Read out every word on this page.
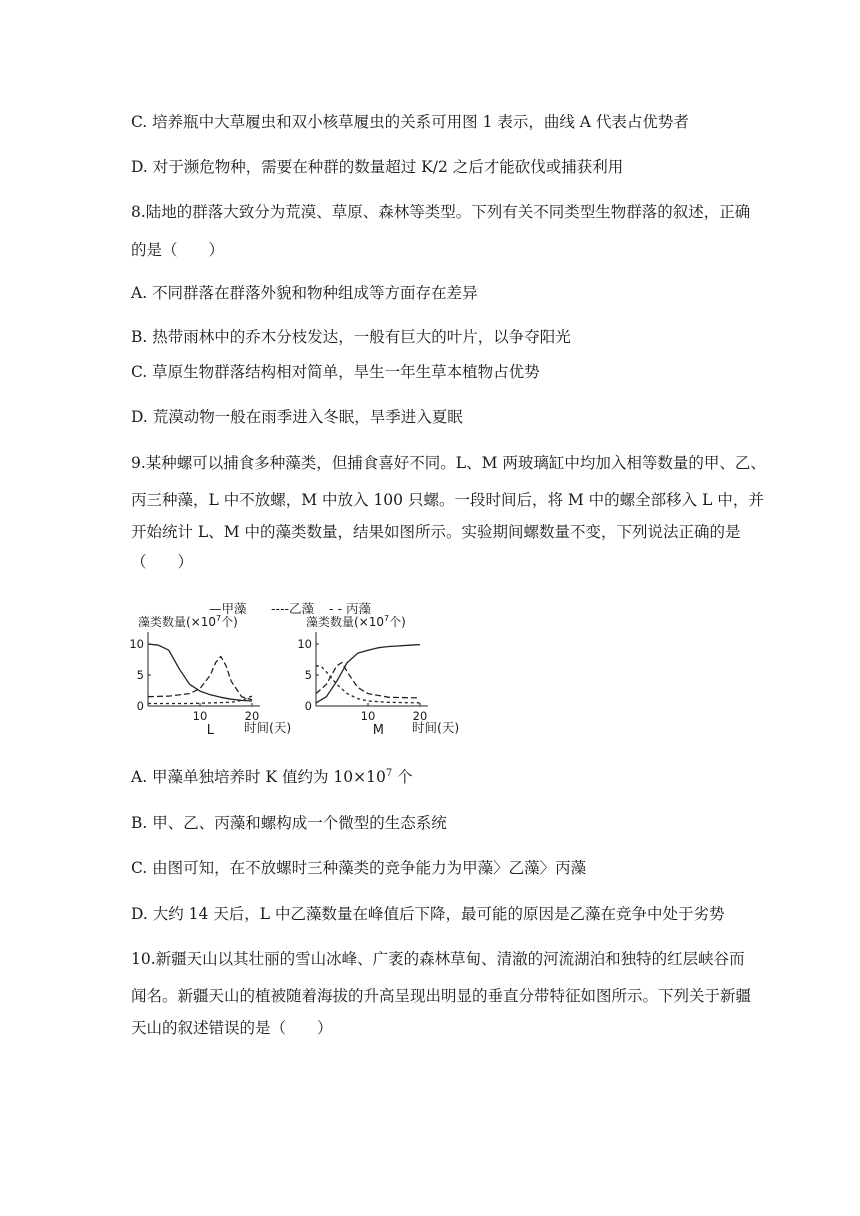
C. 培养瓶中大草履虫和双小核草履虫的关系可用图 1 表示，曲线 A 代表占优势者
D. 对于濒危物种，需要在种群的数量超过 K/2 之后才能砍伐或捕获利用
8.陆地的群落大致分为荒漠、草原、森林等类型。下列有关不同类型生物群落的叙述，正确
的是（　　）
A. 不同群落在群落外貌和物种组成等方面存在差异
B. 热带雨林中的乔木分枝发达，一般有巨大的叶片，以争夺阳光
C. 草原生物群落结构相对简单，旱生一年生草本植物占优势
D. 荒漠动物一般在雨季进入冬眠，旱季进入夏眠
9.某种螺可以捕食多种藻类，但捕食喜好不同。L、M 两玻璃缸中均加入相等数量的甲、乙、
丙三种藻，L 中不放螺，M 中放入 100 只螺。一段时间后，将 M 中的螺全部移入 L 中，并
开始统计 L、M 中的藻类数量，结果如图所示。实验期间螺数量不变，下列说法正确的是
（　　）
—甲藻 ----乙藻 - - 丙藻
藻类数量($\times 10^7$个)
10
5
0
10	20
时间(天)
L
藻类数量($\times 10^7$个)
10
5
0
10	20
时间(天)
M
A. 甲藻单独培养时 K 值约为 $10\times 10^7$ 个
B. 甲、乙、丙藻和螺构成一个微型的生态系统
C. 由图可知，在不放螺时三种藻类的竞争能力为甲藻〉乙藻〉丙藻
D. 大约 14 天后，L 中乙藻数量在峰值后下降，最可能的原因是乙藻在竞争中处于劣势
10.新疆天山以其壮丽的雪山冰峰、广袤的森林草甸、清澈的河流湖泊和独特的红层峡谷而
闻名。新疆天山的植被随着海拔的升高呈现出明显的垂直分带特征如图所示。下列关于新疆
天山的叙述错误的是（　　）
